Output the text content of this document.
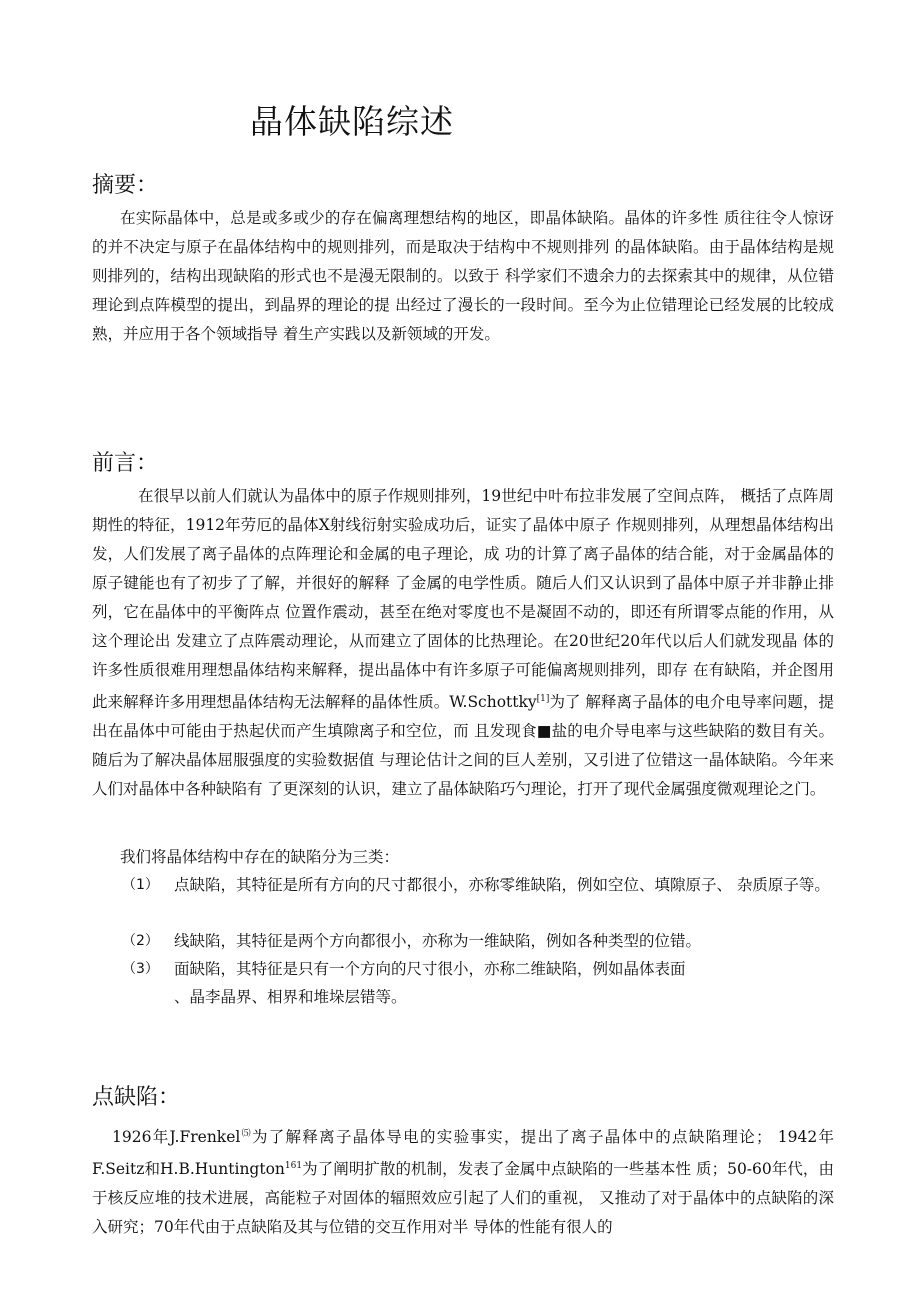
晶体缺陷综述
摘要：

在实际晶体中，总是或多或少的存在偏离理想结构的地区，即晶体缺陷。晶体的许多性 质往往令人惊讶的并不决定与原子在晶体结构中的规则排列，而是取决于结构中不规则排列 的晶体缺陷。由于晶体结构是规则排列的，结构出现缺陷的形式也不是漫无限制的。以致于 科学家们不遗余力的去探索其中的规律，从位错理论到点阵模型的提出，到晶界的理论的提 出经过了漫长的一段时间。至今为止位错理论已经发展的比较成熟，并应用于各个领域指导 着生产实践以及新领域的开发。

前言：

在很早以前人们就认为晶体中的原子作规则排列，19世纪中叶布拉非发展了空间点阵， 概括了点阵周期性的特征，1912年劳厄的晶体X射线衍射实验成功后，证实了晶体中原子 作规则排列，从理想晶体结构出发，人们发展了离子晶体的点阵理论和金属的电子理论，成 功的计算了离子晶体的结合能，对于金属晶体的原子键能也有了初步了了解，并很好的解释 了金属的电学性质。随后人们又认识到了晶体中原子并非静止排列，它在晶体中的平衡阵点 位置作震动，甚至在绝对零度也不是凝固不动的，即还有所谓零点能的作用，从这个理论出 发建立了点阵震动理论，从而建立了固体的比热理论。在20世纪20年代以后人们就发现晶 体的许多性质很难用理想晶体结构来解释，提出晶体中有许多原子可能偏离规则排列，即存 在有缺陷，并企图用此来解释许多用理想晶体结构无法解释的晶体性质。W.Schottky[1]为了 解释离子晶体的电介电导率问题，提出在晶体中可能由于热起伏而产生填隙离子和空位，而 且发现食■盐的电介导电率与这些缺陷的数目有关。随后为了解决晶体屈服强度的实验数据值 与理论估计之间的巨人差别，又引进了位错这一晶体缺陷。今年来人们对晶体中各种缺陷有 了更深刻的认识，建立了晶体缺陷巧勺理论，打开了现代金属强度微观理论之门。

我们将晶体结构中存在的缺陷分为三类：

（1） 点缺陷，其特征是所有方向的尺寸都很小，亦称零维缺陷，例如空位、填隙原子、 杂质原子等。
（2） 线缺陷，其特征是两个方向都很小，亦称为一维缺陷，例如各种类型的位错。
（3） 面缺陷，其特征是只有一个方向的尺寸很小，亦称二维缺陷，例如晶体表面
、晶李晶界、相界和堆垛层错等。
点缺陷：

1926年J.Frenkel⑸为了解释离子晶体导电的实验事实，提出了离子晶体中的点缺陷理论； 1942年F.Seitz和H.B.Huntington$^{161}$为了阐明扩散的机制，发表了金属中点缺陷的一些基本性 质；50-60年代，由于核反应堆的技术进展，高能粒子对固体的辐照效应引起了人们的重视， 又推动了对于晶体中的点缺陷的深入研究；70年代由于点缺陷及其与位错的交互作用对半 导体的性能有很人的
